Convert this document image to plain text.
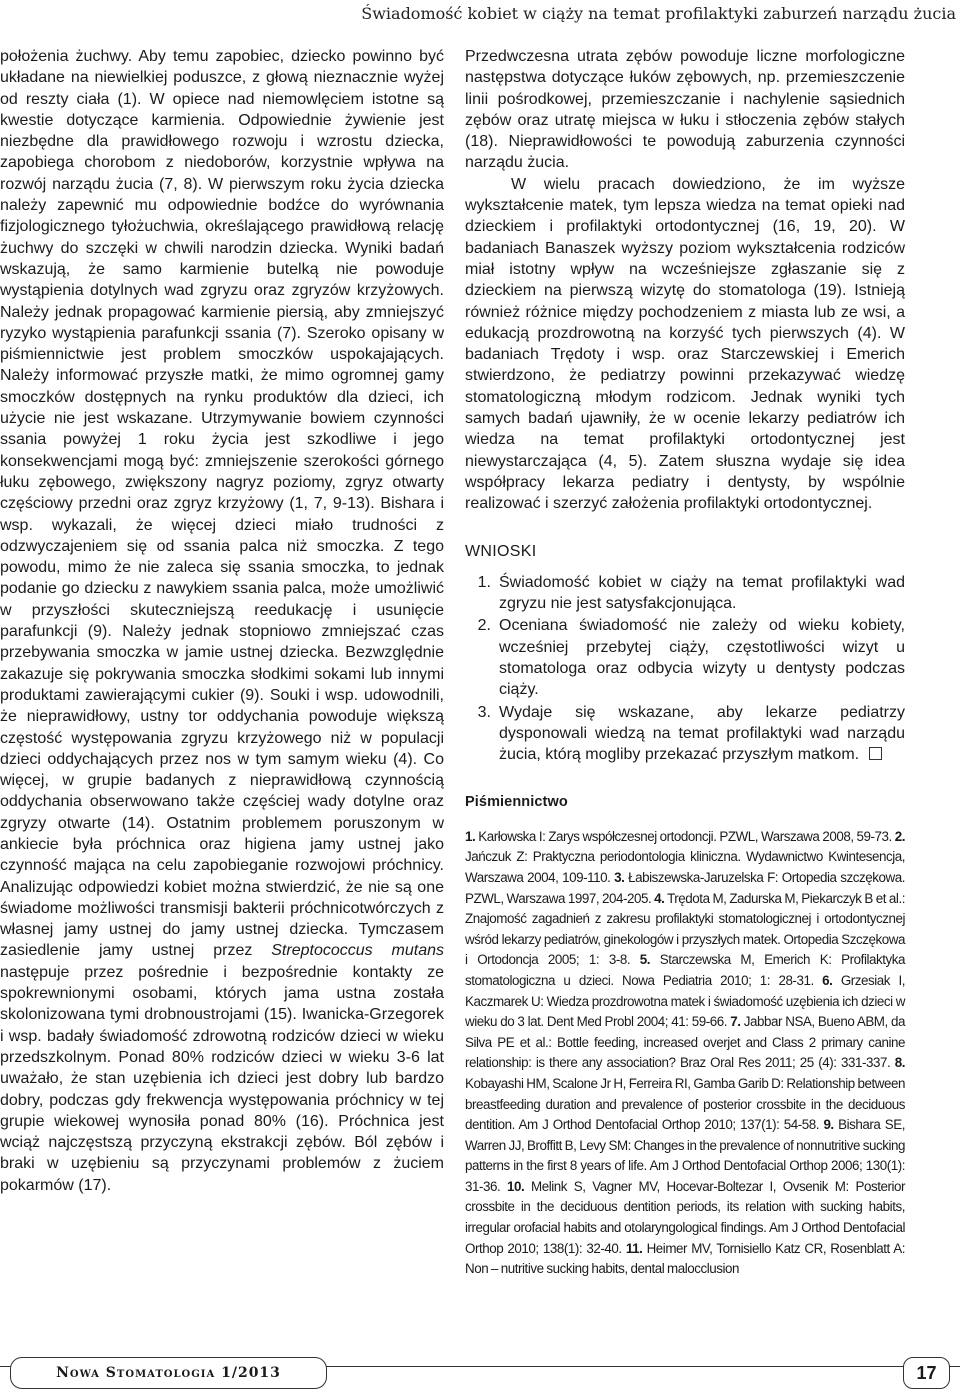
Świadomość kobiet w ciąży na temat profilaktyki zaburzeń narządu żucia

położenia żuchwy. Aby temu zapobiec, dziecko powinno być układane na niewielkiej poduszce, z głową nieznacznie wyżej od reszty ciała (1). W opiece nad niemowlęciem istotne są kwestie dotyczące karmienia. Odpowiednie żywienie jest niezbędne dla prawidłowego rozwoju i wzrostu dziecka, zapobiega chorobom z niedoborów, korzystnie wpływa na rozwój narządu żucia (7, 8). W pierwszym roku życia dziecka należy zapewnić mu odpowiednie bodźce do wyrównania fizjologicznego tyłożuchwia, określającego prawidłową relację żuchwy do szczęki w chwili narodzin dziecka. Wyniki badań wskazują, że samo karmienie butelką nie powoduje wystąpienia dotylnych wad zgryzu oraz zgryzów krzyżowych. Należy jednak propagować karmienie piersią, aby zmniejszyć ryzyko wystąpienia parafunkcji ssania (7). Szeroko opisany w piśmiennictwie jest problem smoczków uspokajających. Należy informować przyszłe matki, że mimo ogromnej gamy smoczków dostępnych na rynku produktów dla dzieci, ich użycie nie jest wskazane. Utrzymywanie bowiem czynności ssania powyżej 1 roku życia jest szkodliwe i jego konsekwencjami mogą być: zmniejszenie szerokości górnego łuku zębowego, zwiększony nagryz poziomy, zgryz otwarty częściowy przedni oraz zgryz krzyżowy (1, 7, 9-13). Bishara i wsp. wykazali, że więcej dzieci miało trudności z odzwyczajeniem się od ssania palca niż smoczka. Z tego powodu, mimo że nie zaleca się ssania smoczka, to jednak podanie go dziecku z nawykiem ssania palca, może umożliwić w przyszłości skuteczniejszą reedukację i usunięcie parafunkcji (9). Należy jednak stopniowo zmniejszać czas przebywania smoczka w jamie ustnej dziecka. Bezwzględnie zakazuje się pokrywania smoczka słodkimi sokami lub innymi produktami zawierającymi cukier (9). Souki i wsp. udowodnili, że nieprawidłowy, ustny tor oddychania powoduje większą częstość występowania zgryzu krzyżowego niż w populacji dzieci oddychających przez nos w tym samym wieku (4). Co więcej, w grupie badanych z nieprawidłową czynnością oddychania obserwowano także częściej wady dotylne oraz zgryzy otwarte (14). Ostatnim problemem poruszonym w ankiecie była próchnica oraz higiena jamy ustnej jako czynność mająca na celu zapobieganie rozwojowi próchnicy. Analizując odpowiedzi kobiet można stwierdzić, że nie są one świadome możliwości transmisji bakterii próchnicotwórczych z własnej jamy ustnej do jamy ustnej dziecka. Tymczasem zasiedlenie jamy ustnej przez Streptococcus mutans następuje przez pośrednie i bezpośrednie kontakty ze spokrewnionymi osobami, których jama ustna została skolonizowana tymi drobnoustrojami (15). Iwanicka-Grzegorek i wsp. badały świadomość zdrowotną rodziców dzieci w wieku przedszkolnym. Ponad 80% rodziców dzieci w wieku 3-6 lat uważało, że stan uzębienia ich dzieci jest dobry lub bardzo dobry, podczas gdy frekwencja występowania próchnicy w tej grupie wiekowej wynosiła ponad 80% (16). Próchnica jest wciąż najczęstszą przyczyną ekstrakcji zębów. Ból zębów i braki w uzębieniu są przyczynami problemów z żuciem pokarmów (17).

Przedwczesna utrata zębów powoduje liczne morfologiczne następstwa dotyczące łuków zębowych, np. przemieszczenie linii pośrodkowej, przemieszczanie i nachylenie sąsiednich zębów oraz utratę miejsca w łuku i stłoczenia zębów stałych (18). Nieprawidłowości te powodują zaburzenia czynności narządu żucia.

W wielu pracach dowiedziono, że im wyższe wykształcenie matek, tym lepsza wiedza na temat opieki nad dzieckiem i profilaktyki ortodontycznej (16, 19, 20). W badaniach Banaszek wyższy poziom wykształcenia rodziców miał istotny wpływ na wcześniejsze zgłaszanie się z dzieckiem na pierwszą wizytę do stomatologa (19). Istnieją również różnice między pochodzeniem z miasta lub ze wsi, a edukacją prozdrowotną na korzyść tych pierwszych (4). W badaniach Trędoty i wsp. oraz Starczewskiej i Emerich stwierdzono, że pediatrzy powinni przekazywać wiedzę stomatologiczną młodym rodzicom. Jednak wyniki tych samych badań ujawniły, że w ocenie lekarzy pediatrów ich wiedza na temat profilaktyki ortodontycznej jest niewystarczająca (4, 5). Zatem słuszna wydaje się idea współpracy lekarza pediatry i dentysty, by wspólnie realizować i szerzyć założenia profilaktyki ortodontycznej.

WNIOSKI
1. Świadomość kobiet w ciąży na temat profilaktyki wad zgryzu nie jest satysfakcjonująca.
2. Oceniana świadomość nie zależy od wieku kobiety, wcześniej przebytej ciąży, częstotliwości wizyt u stomatologa oraz odbycia wizyty u dentysty podczas ciąży.
3. Wydaje się wskazane, aby lekarze pediatrzy dysponowali wiedzą na temat profilaktyki wad narządu żucia, którą mogliby przekazać przyszłym matkom.
Piśmiennictwo
1. Karłowska I: Zarys współczesnej ortodoncji. PZWL, Warszawa 2008, 59-73. 2. Jańczuk Z: Praktyczna periodontologia kliniczna. Wydawnictwo Kwintesencja, Warszawa 2004, 109-110. 3. Łabiszewska-Jaruzelska F: Ortopedia szczękowa. PZWL, Warszawa 1997, 204-205. 4. Trędota M, Zadurska M, Piekarczyk B et al.: Znajomość zagadnień z zakresu profilaktyki stomatologicznej i ortodontycznej wśród lekarzy pediatrów, ginekologów i przyszłych matek. Ortopedia Szczękowa i Ortodoncja 2005; 1: 3-8. 5. Starczewska M, Emerich K: Profilaktyka stomatologiczna u dzieci. Nowa Pediatria 2010; 1: 28-31. 6. Grzesiak I, Kaczmarek U: Wiedza prozdrowotna matek i świadomość uzębienia ich dzieci w wieku do 3 lat. Dent Med Probl 2004; 41: 59-66. 7. Jabbar NSA, Bueno ABM, da Silva PE et al.: Bottle feeding, increased overjet and Class 2 primary canine relationship: is there any association? Braz Oral Res 2011; 25 (4): 331-337. 8. Kobayashi HM, Scalone Jr H, Ferreira RI, Gamba Garib D: Relationship between breastfeeding duration and prevalence of posterior crossbite in the deciduous dentition. Am J Orthod Dentofacial Orthop 2010; 137(1): 54-58. 9. Bishara SE, Warren JJ, Broffitt B, Levy SM: Changes in the prevalence of nonnutritive sucking patterns in the first 8 years of life. Am J Orthod Dentofacial Orthop 2006; 130(1): 31-36. 10. Melink S, Vagner MV, Hocevar-Boltezar I, Ovsenik M: Posterior crossbite in the deciduous dentition periods, its relation with sucking habits, irregular orofacial habits and otolaryngological findings. Am J Orthod Dentofacial Orthop 2010; 138(1): 32-40. 11. Heimer MV, Tornisiello Katz CR, Rosenblatt A: Non – nutritive sucking habits, dental malocclusion
Nowa Stomatologia 1/2013	17
